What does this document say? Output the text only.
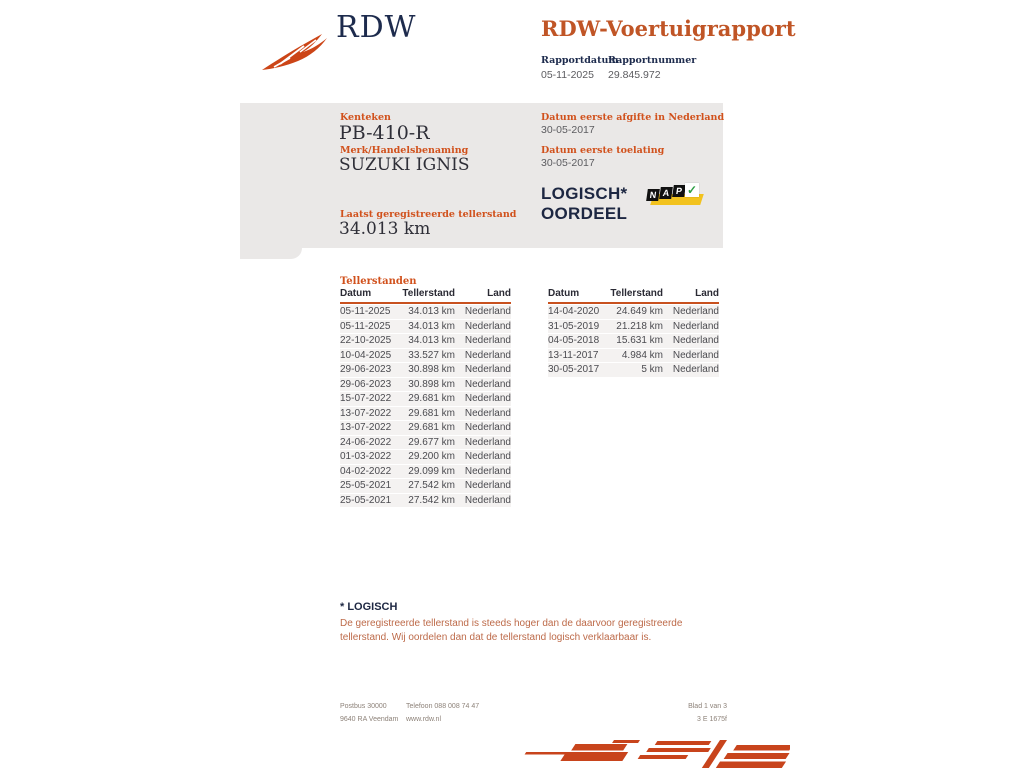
RDW	RDW-Voertuigrapport
Rapportdatum
05-11-2025
Rapportnummer
29.845.972
Kenteken
PB-410-R
Merk/Handelsbenaming
SUZUKI IGNIS
Laatst geregistreerde tellerstand
34.013 km
Datum eerste afgifte in Nederland
30-05-2017
Datum eerste toelating
30-05-2017
LOGISCH*
OORDEEL
N A P ✓
Tellerstanden
Datum	Tellerstand	Land
05-11-2025	34.013 km Nederland
05-11-2025	34.013 km Nederland
22-10-2025	34.013 km Nederland
10-04-2025	33.527 km Nederland
29-06-2023	30.898 km Nederland
29-06-2023	30.898 km Nederland
15-07-2022	29.681 km Nederland
13-07-2022	29.681 km Nederland
13-07-2022	29.681 km Nederland
24-06-2022	29.677 km Nederland
01-03-2022	29.200 km Nederland
04-02-2022	29.099 km Nederland
25-05-2021	27.542 km Nederland
25-05-2021	27.542 km Nederland
Datum	Tellerstand	Land
14-04-2020	24.649 km Nederland
31-05-2019	21.218 km Nederland
04-05-2018	15.631 km Nederland
13-11-2017	4.984 km Nederland
30-05-2017	5 km Nederland
* LOGISCH
De geregistreerde tellerstand is steeds hoger dan de daarvoor geregistreerde tellerstand. Wij oordelen dan dat de tellerstand logisch verklaarbaar is.
Postbus 30000
9640 RA Veendam
Telefoon 088 008 74 47
www.rdw.nl
Blad 1 van 3
3 E 1675f
